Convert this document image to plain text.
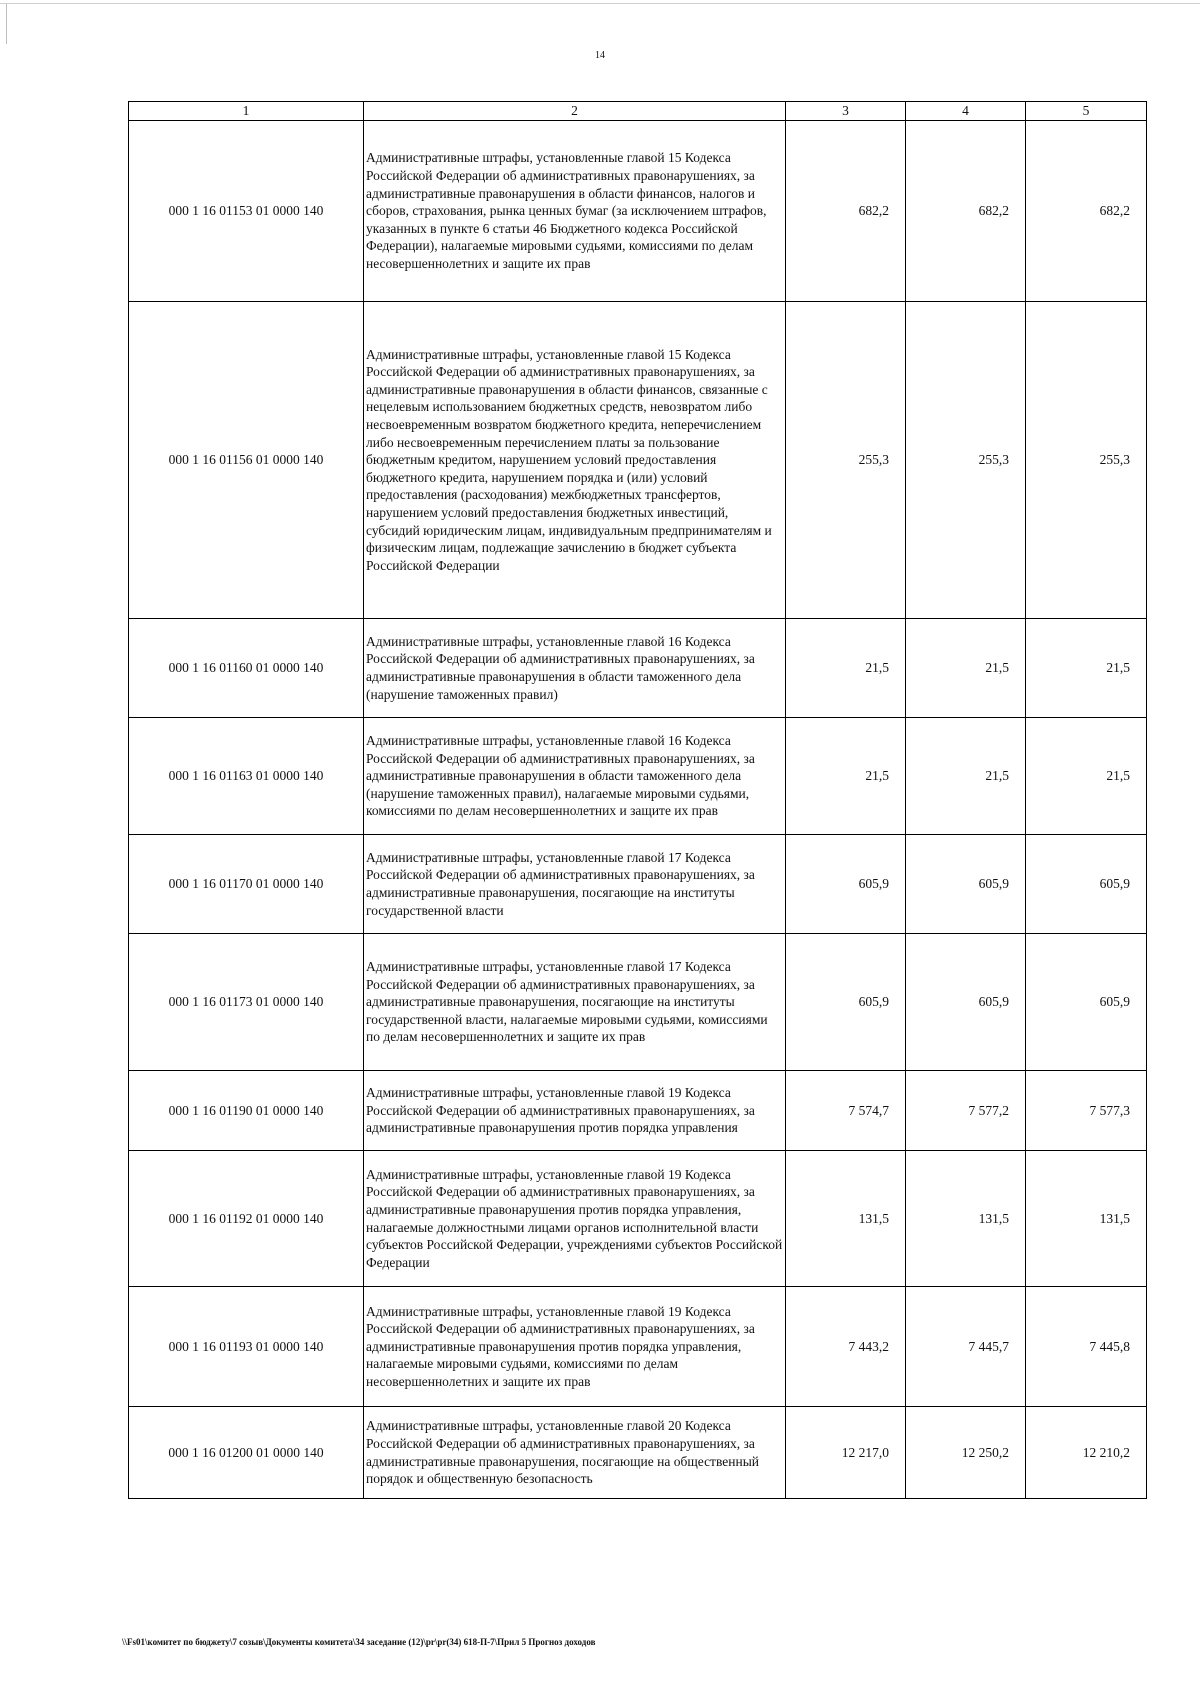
14
1	2	3	4	5
000 1 16 01153 01 0000 140	Административные штрафы, установленные главой 15 Кодекса Российской Федерации об административных правонарушениях, за административные правонарушения в области финансов, налогов и сборов, страхования, рынка ценных бумаг (за исключением штрафов, указанных в пункте 6 статьи 46 Бюджетного кодекса Российской Федерации), налагаемые мировыми судьями, комиссиями по делам несовершеннолетних и защите их прав	682,2	682,2	682,2
000 1 16 01156 01 0000 140	Административные штрафы, установленные главой 15 Кодекса Российской Федерации об административных правонарушениях, за административные правонарушения в области финансов, связанные с нецелевым использованием бюджетных средств, невозвратом либо несвоевременным возвратом бюджетного кредита, неперечислением либо несвоевременным перечислением платы за пользование бюджетным кредитом, нарушением условий предоставления бюджетного кредита, нарушением порядка и (или) условий предоставления (расходования) межбюджетных трансфертов, нарушением условий предоставления бюджетных инвестиций, субсидий юридическим лицам, индивидуальным предпринимателям и физическим лицам, подлежащие зачислению в бюджет субъекта Российской Федерации	255,3	255,3	255,3
000 1 16 01160 01 0000 140	Административные штрафы, установленные главой 16 Кодекса Российской Федерации об административных правонарушениях, за административные правонарушения в области таможенного дела (нарушение таможенных правил)	21,5	21,5	21,5
000 1 16 01163 01 0000 140	Административные штрафы, установленные главой 16 Кодекса Российской Федерации об административных правонарушениях, за административные правонарушения в области таможенного дела (нарушение таможенных правил), налагаемые мировыми судьями, комиссиями по делам несовершеннолетних и защите их прав	21,5	21,5	21,5
000 1 16 01170 01 0000 140	Административные штрафы, установленные главой 17 Кодекса Российской Федерации об административных правонарушениях, за административные правонарушения, посягающие на институты государственной власти	605,9	605,9	605,9
000 1 16 01173 01 0000 140	Административные штрафы, установленные главой 17 Кодекса Российской Федерации об административных правонарушениях, за административные правонарушения, посягающие на институты государственной власти, налагаемые мировыми судьями, комиссиями по делам несовершеннолетних и защите их прав	605,9	605,9	605,9
000 1 16 01190 01 0000 140	Административные штрафы, установленные главой 19 Кодекса Российской Федерации об административных правонарушениях, за административные правонарушения против порядка управления	7 574,7	7 577,2	7 577,3
000 1 16 01192 01 0000 140	Административные штрафы, установленные главой 19 Кодекса Российской Федерации об административных правонарушениях, за административные правонарушения против порядка управления, налагаемые должностными лицами органов исполнительной власти субъектов Российской Федерации, учреждениями субъектов Российской Федерации	131,5	131,5	131,5
000 1 16 01193 01 0000 140	Административные штрафы, установленные главой 19 Кодекса Российской Федерации об административных правонарушениях, за административные правонарушения против порядка управления, налагаемые мировыми судьями, комиссиями по делам несовершеннолетних и защите их прав	7 443,2	7 445,7	7 445,8
000 1 16 01200 01 0000 140	Административные штрафы, установленные главой 20 Кодекса Российской Федерации об административных правонарушениях, за административные правонарушения, посягающие на общественный порядок и общественную безопасность	12 217,0	12 250,2	12 210,2
\\Fs01\комитет по бюджету\7 созыв\Документы комитета\34 заседание (12)\pr\pr(34) 618-П-7\Прил 5 Прогноз доходов
